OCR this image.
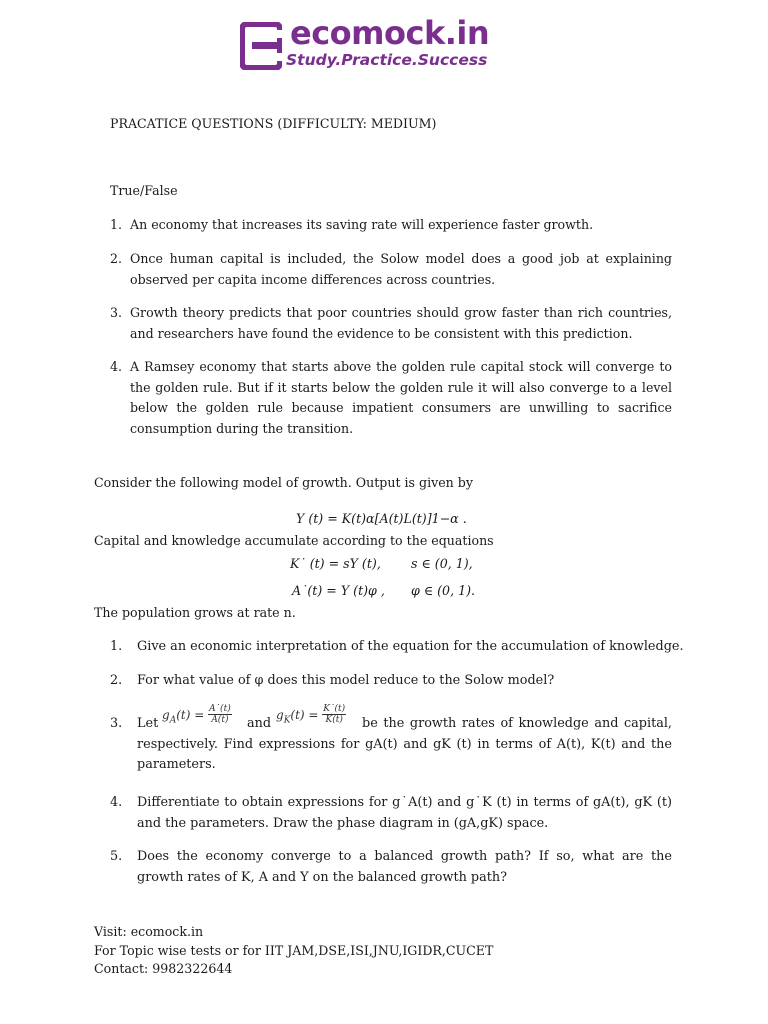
ecomock.in
Study.Practice.Success
PRACATICE QUESTIONS (DIFFICULTY: MEDIUM)
True/False
1. An economy that increases its saving rate will experience faster growth.
2. Once human capital is included, the Solow model does a good job at explaining observed per capita income differences across countries.
3. Growth theory predicts that poor countries should grow faster than rich countries, and researchers have found the evidence to be consistent with this prediction.
4. A Ramsey economy that starts above the golden rule capital stock will converge to the golden rule. But if it starts below the golden rule it will also converge to a level below the golden rule because impatient consumers are unwilling to sacrifice consumption during the transition.
Consider the following model of growth. Output is given by
Y (t) = K(t)α[A(t)L(t)]1−α .
Capital and knowledge accumulate according to the equations
K˙ (t) = sY (t), s ∈ (0, 1),
A˙(t) = Y (t)φ , φ ∈ (0, 1).
The population grows at rate n.
1. Give an economic interpretation of the equation for the accumulation of knowledge.
2. For what value of φ does this model reduce to the Solow model?
3. Let
$g_A(t) = \frac{A˙(t)}{A(t)}$ and
$g_K(t) = \frac{K˙(t)}{K(t)}$	be the growth rates of knowledge and capital, respectively. Find expressions for gA(t) and gK (t) in terms of A(t), K(t) and the parameters.
4. Differentiate to obtain expressions for g˙A(t) and g˙K (t) in terms of gA(t), gK (t) and the parameters. Draw the phase diagram in (gA,gK) space.
5. Does the economy converge to a balanced growth path? If so, what are the growth rates of K, A and Y on the balanced growth path?
Visit: ecomock.in
For Topic wise tests or for IIT JAM,DSE,ISI,JNU,IGIDR,CUCET
Contact: 9982322644
